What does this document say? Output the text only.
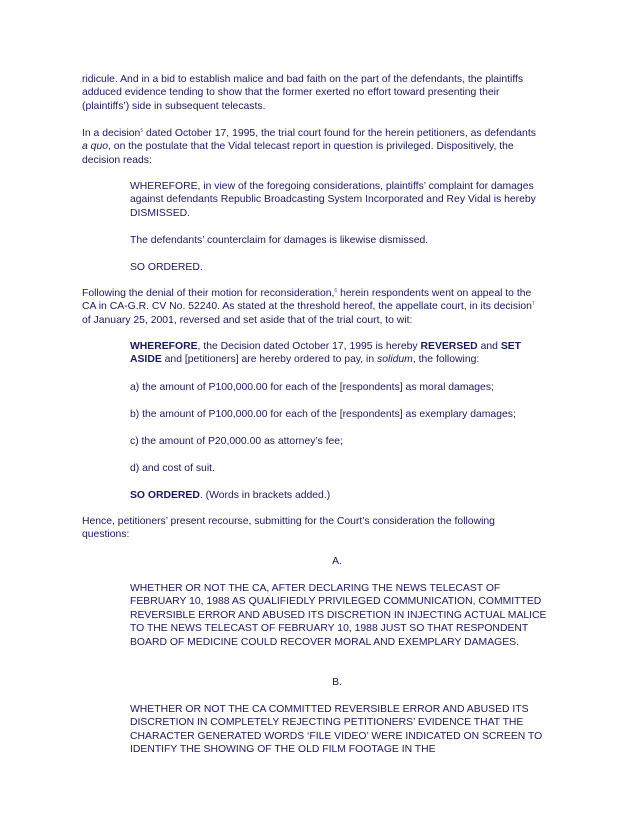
ridicule. And in a bid to establish malice and bad faith on the part of the defendants, the plaintiffs adduced evidence tending to show that the former exerted no effort toward presenting their (plaintiffs’) side in subsequent telecasts.

In a decision$^5$ dated October 17, 1995, the trial court found for the herein petitioners, as defendants a quo, on the postulate that the Vidal telecast report in question is privileged. Dispositively, the decision reads:

WHEREFORE, in view of the foregoing considerations, plaintiffs’ complaint for damages against defendants Republic Broadcasting System Incorporated and Rey Vidal is hereby DISMISSED.

The defendants’ counterclaim for damages is likewise dismissed.

SO ORDERED.

Following the denial of their motion for reconsideration,$^6$ herein respondents went on appeal to the CA in CA-G.R. CV No. 52240. As stated at the threshold hereof, the appellate court, in its decision$^7$ of January 25, 2001, reversed and set aside that of the trial court, to wit:

WHEREFORE, the Decision dated October 17, 1995 is hereby REVERSED and SET ASIDE and [petitioners] are hereby ordered to pay, in solidum, the following:

a) the amount of P100,000.00 for each of the [respondents] as moral damages;

b) the amount of P100,000.00 for each of the [respondents] as exemplary damages;

c) the amount of P20,000.00 as attorney’s fee;

d) and cost of suit.

SO ORDERED. (Words in brackets added.)

Hence, petitioners’ present recourse, submitting for the Court’s consideration the following questions:

A.

WHETHER OR NOT THE CA, AFTER DECLARING THE NEWS TELECAST OF FEBRUARY 10, 1988 AS QUALIFIEDLY PRIVILEGED COMMUNICATION, COMMITTED REVERSIBLE ERROR AND ABUSED ITS DISCRETION IN INJECTING ACTUAL MALICE TO THE NEWS TELECAST OF FEBRUARY 10, 1988 JUST SO THAT RESPONDENT BOARD OF MEDICINE COULD RECOVER MORAL AND EXEMPLARY DAMAGES.

B.

WHETHER OR NOT THE CA COMMITTED REVERSIBLE ERROR AND ABUSED ITS DISCRETION IN COMPLETELY REJECTING PETITIONERS’ EVIDENCE THAT THE CHARACTER GENERATED WORDS ‘FILE VIDEO’ WERE INDICATED ON SCREEN TO IDENTIFY THE SHOWING OF THE OLD FILM FOOTAGE IN THE
